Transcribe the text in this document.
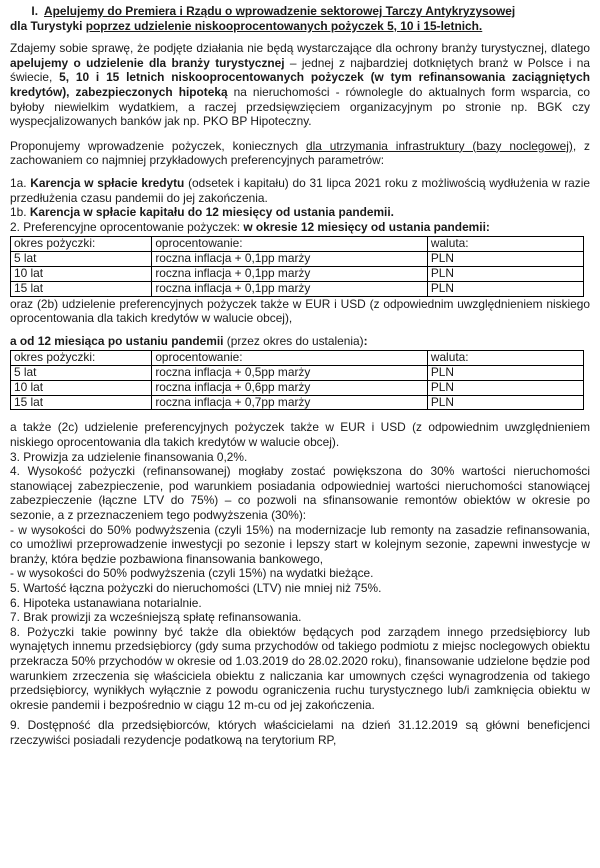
I. Apelujemy do Premiera i Rządu o wprowadzenie sektorowej Tarczy Antykryzysowej
dla Turystyki poprzez udzielenie niskooprocentowanych pożyczek 5, 10 i 15-letnich.

Zdajemy sobie sprawę, że podjęte działania nie będą wystarczające dla ochrony branży turystycznej, dlatego apelujemy o udzielenie dla branży turystycznej – jednej z najbardziej dotkniętych branż w Polsce i na świecie, 5, 10 i 15 letnich niskooprocentowanych pożyczek (w tym refinansowania zaciągniętych kredytów), zabezpieczonych hipoteką na nieruchomości - równolegle do aktualnych form wsparcia, co byłoby niewielkim wydatkiem, a raczej przedsięwzięciem organizacyjnym po stronie np. BGK czy wyspecjalizowanych banków jak np. PKO BP Hipoteczny.

Proponujemy wprowadzenie pożyczek, koniecznych dla utrzymania infrastruktury (bazy noclegowej), z zachowaniem co najmniej przykładowych preferencyjnych parametrów:

1a. Karencja w spłacie kredytu (odsetek i kapitału) do 31 lipca 2021 roku z możliwością wydłużenia w razie przedłużenia czasu pandemii do jej zakończenia.

1b. Karencja w spłacie kapitału do 12 miesięcy od ustania pandemii.

2. Preferencyjne oprocentowanie pożyczek: w okresie 12 miesięcy od ustania pandemii:

okres pożyczki:	oprocentowanie:	waluta:
5 lat	roczna inflacja + 0,1pp marży	PLN
10 lat	roczna inflacja + 0,1pp marży	PLN
15 lat	roczna inflacja + 0,1pp marży	PLN

oraz (2b) udzielenie preferencyjnych pożyczek także w EUR i USD (z odpowiednim uwzględnieniem niskiego oprocentowania dla takich kredytów w walucie obcej),

a od 12 miesiąca po ustaniu pandemii (przez okres do ustalenia):

okres pożyczki:	oprocentowanie:	waluta:
5 lat	roczna inflacja + 0,5pp marży	PLN
10 lat	roczna inflacja + 0,6pp marży	PLN
15 lat	roczna inflacja + 0,7pp marży	PLN

a także (2c) udzielenie preferencyjnych pożyczek także w EUR i USD (z odpowiednim uwzględnieniem niskiego oprocentowania dla takich kredytów w walucie obcej).

3. Prowizja za udzielenie finansowania 0,2%.

4. Wysokość pożyczki (refinansowanej) mogłaby zostać powiększona do 30% wartości nieruchomości stanowiącej zabezpieczenie, pod warunkiem posiadania odpowiedniej wartości nieruchomości stanowiącej zabezpieczenie (łączne LTV do 75%) – co pozwoli na sfinansowanie remontów obiektów w okresie po sezonie, a z przeznaczeniem tego podwyższenia (30%):

- w wysokości do 50% podwyższenia (czyli 15%) na modernizacje lub remonty na zasadzie refinansowania, co umożliwi przeprowadzenie inwestycji po sezonie i lepszy start w kolejnym sezonie, zapewni inwestycje w branży, która będzie pozbawiona finansowania bankowego,

- w wysokości do 50% podwyższenia (czyli 15%) na wydatki bieżące.

5. Wartość łączna pożyczki do nieruchomości (LTV) nie mniej niż 75%.

6. Hipoteka ustanawiana notarialnie.

7. Brak prowizji za wcześniejszą spłatę refinansowania.

8. Pożyczki takie powinny być także dla obiektów będących pod zarządem innego przedsiębiorcy lub wynajętych innemu przedsiębiorcy (gdy suma przychodów od takiego podmiotu z miejsc noclegowych obiektu przekracza 50% przychodów w okresie od 1.03.2019 do 28.02.2020 roku), finansowanie udzielone będzie pod warunkiem zrzeczenia się właściciela obiektu z naliczania kar umownych części wynagrodzenia od takiego przedsiębiorcy, wynikłych wyłącznie z powodu ograniczenia ruchu turystycznego lub/i zamknięcia obiektu w okresie pandemii i bezpośrednio w ciągu 12 m-cu od jej zakończenia.

9. Dostępność dla przedsiębiorców, których właścicielami na dzień 31.12.2019 są główni beneficjenci rzeczywiści posiadali rezydencje podatkową na terytorium RP,
